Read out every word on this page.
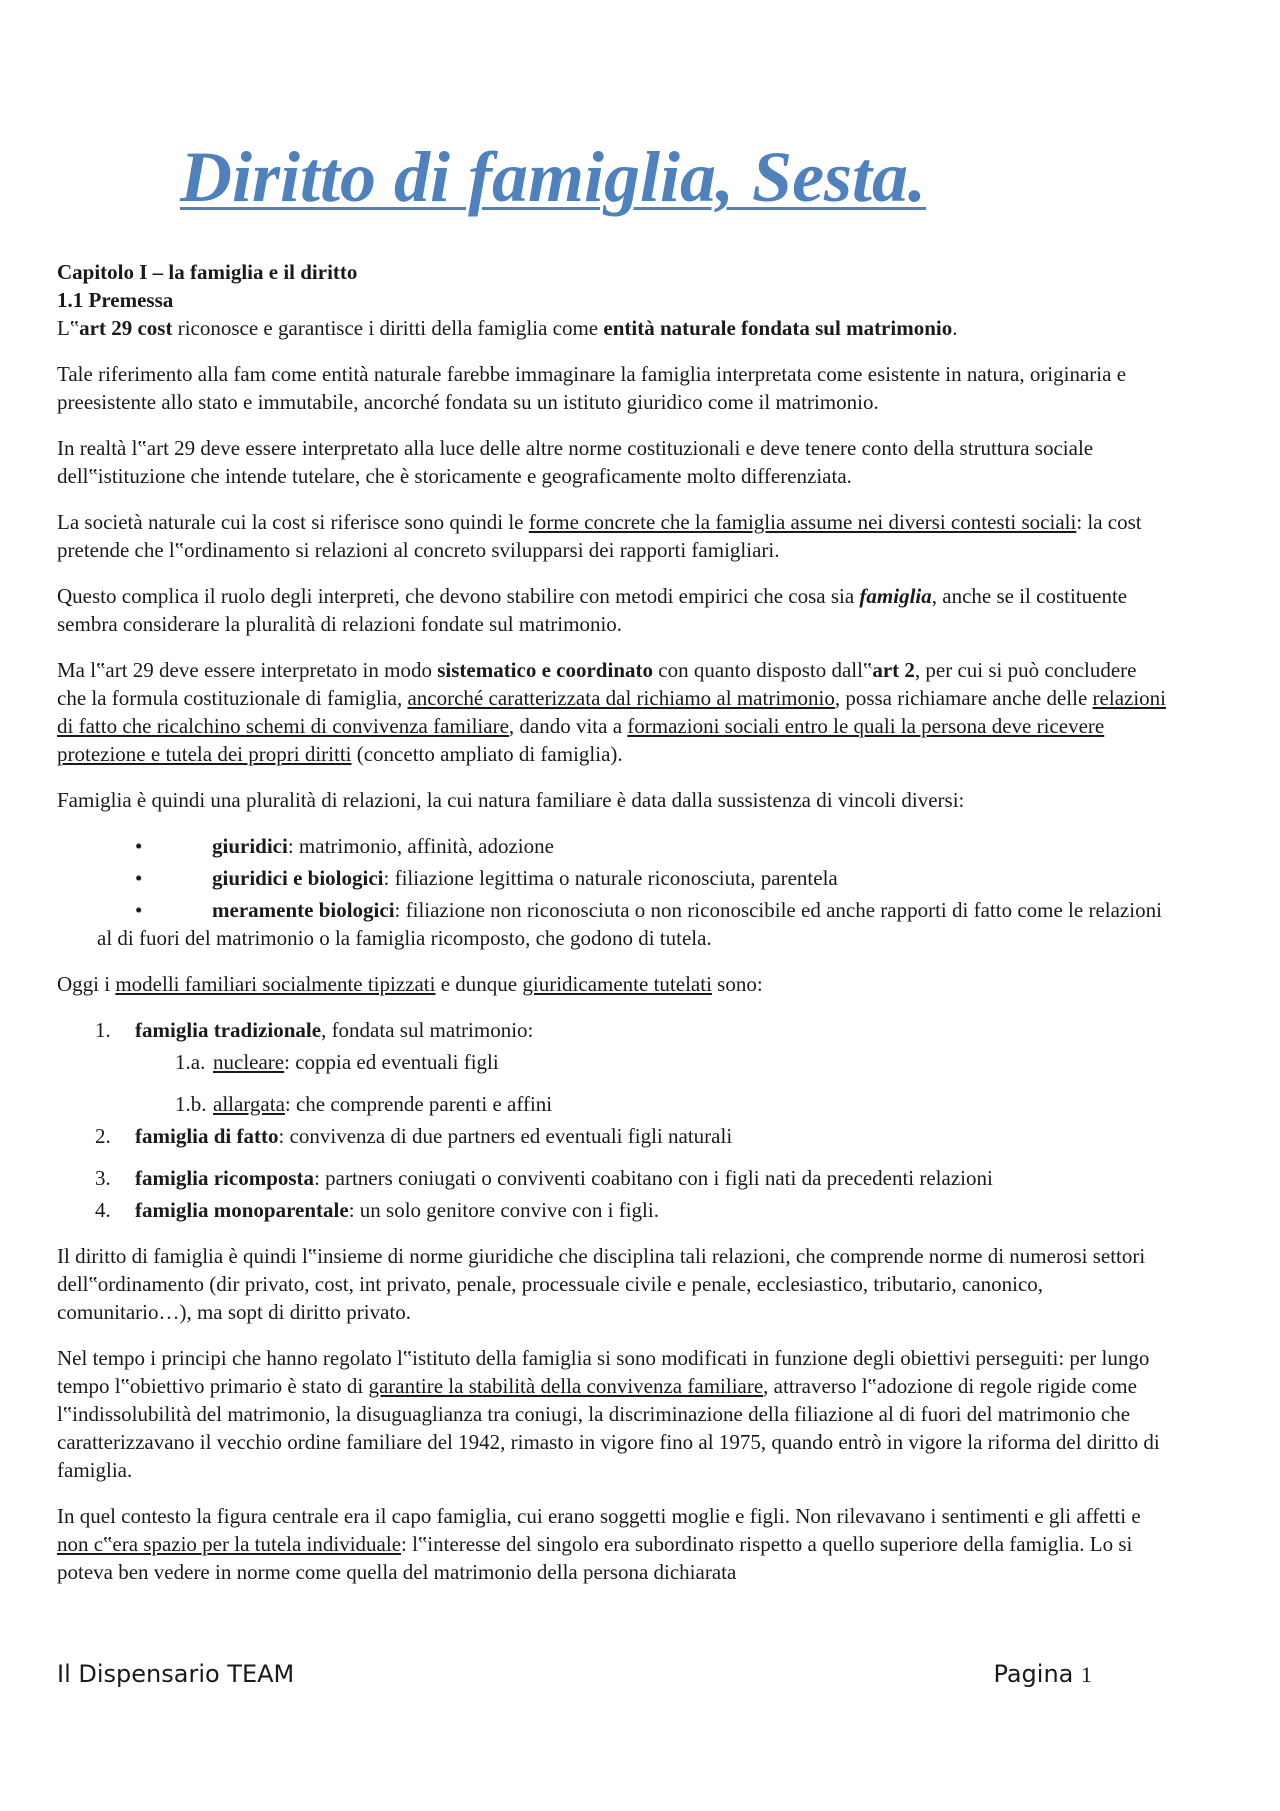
Diritto di famiglia, Sesta.

Capitolo I – la famiglia e il diritto

1.1 Premessa

L‟art 29 cost riconosce e garantisce i diritti della famiglia come entità naturale fondata sul matrimonio.

Tale riferimento alla fam come entità naturale farebbe immaginare la famiglia interpretata come esistente in natura, originaria e preesistente allo stato e immutabile, ancorché fondata su un istituto giuridico come il matrimonio.

In realtà l‟art 29 deve essere interpretato alla luce delle altre norme costituzionali e deve tenere conto della struttura sociale dell‟istituzione che intende tutelare, che è storicamente e geograficamente molto differenziata.

La società naturale cui la cost si riferisce sono quindi le forme concrete che la famiglia assume nei diversi contesti sociali: la cost pretende che l‟ordinamento si relazioni al concreto svilupparsi dei rapporti famigliari.

Questo complica il ruolo degli interpreti, che devono stabilire con metodi empirici che cosa sia famiglia, anche se il costituente sembra considerare la pluralità di relazioni fondate sul matrimonio.

Ma l‟art 29 deve essere interpretato in modo sistematico e coordinato con quanto disposto dall‟art 2, per cui si può concludere che la formula costituzionale di famiglia, ancorché caratterizzata dal richiamo al matrimonio, possa richiamare anche delle relazioni di fatto che ricalchino schemi di convivenza familiare, dando vita a formazioni sociali entro le quali la persona deve ricevere protezione e tutela dei propri diritti (concetto ampliato di famiglia).

Famiglia è quindi una pluralità di relazioni, la cui natura familiare è data dalla sussistenza di vincoli diversi:

•	giuridici: matrimonio, affinità, adozione
•	giuridici e biologici: filiazione legittima o naturale riconosciuta, parentela
•	meramente biologici: filiazione non riconosciuta o non riconoscibile ed anche rapporti di fatto come le relazioni al di fuori del matrimonio o la famiglia ricomposto, che godono di tutela.

Oggi i modelli familiari socialmente tipizzati e dunque giuridicamente tutelati sono:

1. famiglia tradizionale, fondata sul matrimonio:
1.a. nucleare: coppia ed eventuali figli
1.b. allargata: che comprende parenti e affini
2. famiglia di fatto: convivenza di due partners ed eventuali figli naturali
3. famiglia ricomposta: partners coniugati o conviventi coabitano con i figli nati da precedenti relazioni
4. famiglia monoparentale: un solo genitore convive con i figli.

Il diritto di famiglia è quindi l‟insieme di norme giuridiche che disciplina tali relazioni, che comprende norme di numerosi settori dell‟ordinamento (dir privato, cost, int privato, penale, processuale civile e penale, ecclesiastico, tributario, canonico, comunitario…), ma sopt di diritto privato.

Nel tempo i principi che hanno regolato l‟istituto della famiglia si sono modificati in funzione degli obiettivi perseguiti: per lungo tempo l‟obiettivo primario è stato di garantire la stabilità della convivenza familiare, attraverso l‟adozione di regole rigide come l‟indissolubilità del matrimonio, la disuguaglianza tra coniugi, la discriminazione della filiazione al di fuori del matrimonio che caratterizzavano il vecchio ordine familiare del 1942, rimasto in vigore fino al 1975, quando entrò in vigore la riforma del diritto di famiglia.

In quel contesto la figura centrale era il capo famiglia, cui erano soggetti moglie e figli. Non rilevavano i sentimenti e gli affetti e non c‟era spazio per la tutela individuale: l‟interesse del singolo era subordinato rispetto a quello superiore della famiglia. Lo si poteva ben vedere in norme come quella del matrimonio della persona dichiarata

Il Dispensario TEAM	Pagina 1
